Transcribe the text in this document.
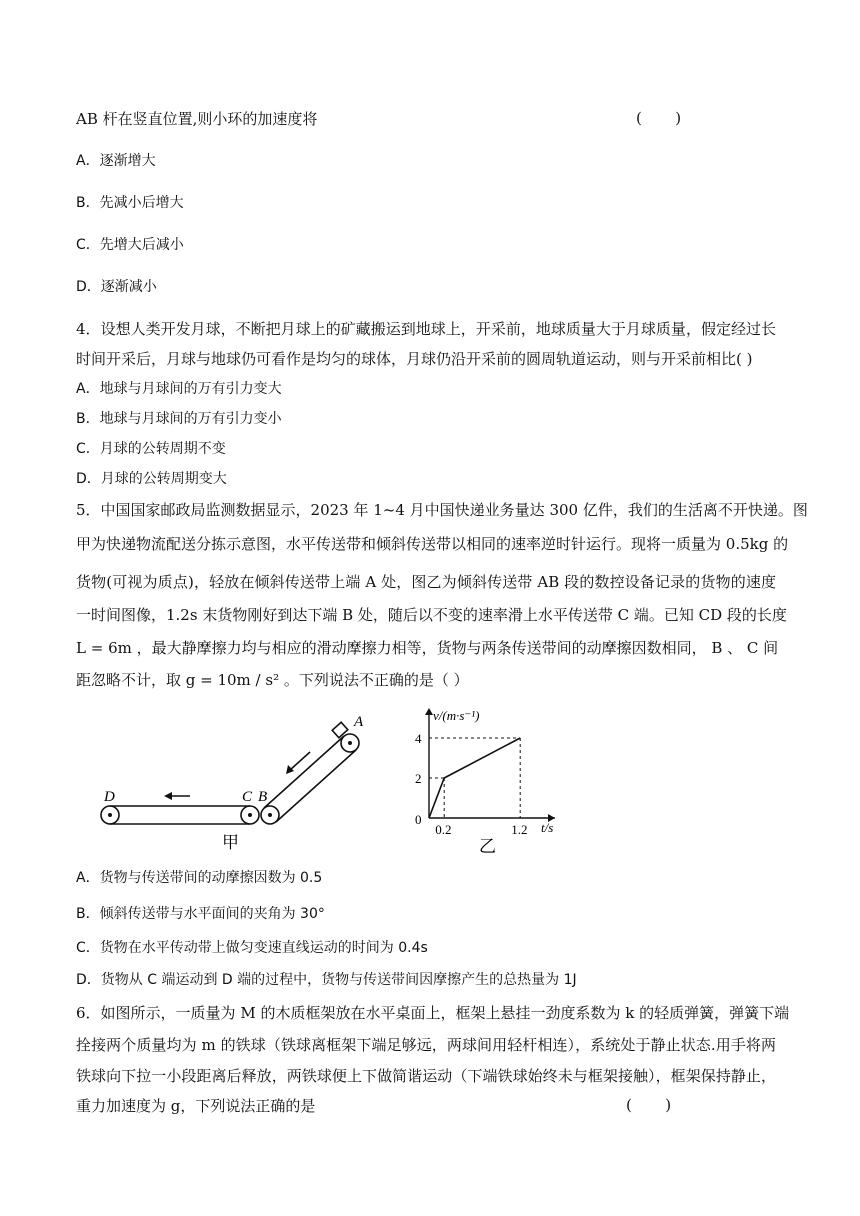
AB 杆在竖直位置,则小环的加速度将	(       )
A．逐渐增大
B．先减小后增大
C．先增大后减小
D．逐渐减小
4．设想人类开发月球，不断把月球上的矿藏搬运到地球上，开采前，地球质量大于月球质量，假定经过长
时间开采后，月球与地球仍可看作是均匀的球体，月球仍沿开采前的圆周轨道运动，则与开采前相比( )
A．地球与月球间的万有引力变大
B．地球与月球间的万有引力变小
C．月球的公转周期不变
D．月球的公转周期变大
5．中国国家邮政局监测数据显示，2023 年 1~4 月中国快递业务量达 300 亿件，我们的生活离不开快递。图
甲为快递物流配送分拣示意图，水平传送带和倾斜传送带以相同的速率逆时针运行。现将一质量为 0.5kg 的
货物(可视为质点)，轻放在倾斜传送带上端 A 处，图乙为倾斜传送带 AB 段的数控设备记录的货物的速度
一时间图像，1.2s 末货物刚好到达下端 B 处，随后以不变的速率滑上水平传送带 C 端。已知 CD 段的长度
L = 6m ，最大静摩擦力均与相应的滑动摩擦力相等，货物与两条传送带间的动摩擦因数相同， B 、 C 间
距忽略不计，取 g = 10m / s² 。下列说法不正确的是（ ）
D	C B
A
甲
v/(m·s⁻¹)
t/s
0
4
2
0.2	1.2
乙
A．货物与传送带间的动摩擦因数为 0.5
B．倾斜传送带与水平面间的夹角为 30°
C．货物在水平传动带上做匀变速直线运动的时间为 0.4s
D．货物从 C 端运动到 D 端的过程中，货物与传送带间因摩擦产生的总热量为 1J
6．如图所示，一质量为 M 的木质框架放在水平桌面上，框架上悬挂一劲度系数为 k 的轻质弹簧，弹簧下端
拴接两个质量均为 m 的铁球（铁球离框架下端足够远，两球间用轻杆相连），系统处于静止状态.用手将两
铁球向下拉一小段距离后释放，两铁球便上下做简谐运动（下端铁球始终未与框架接触），框架保持静止，
重力加速度为 g，下列说法正确的是	(       )
